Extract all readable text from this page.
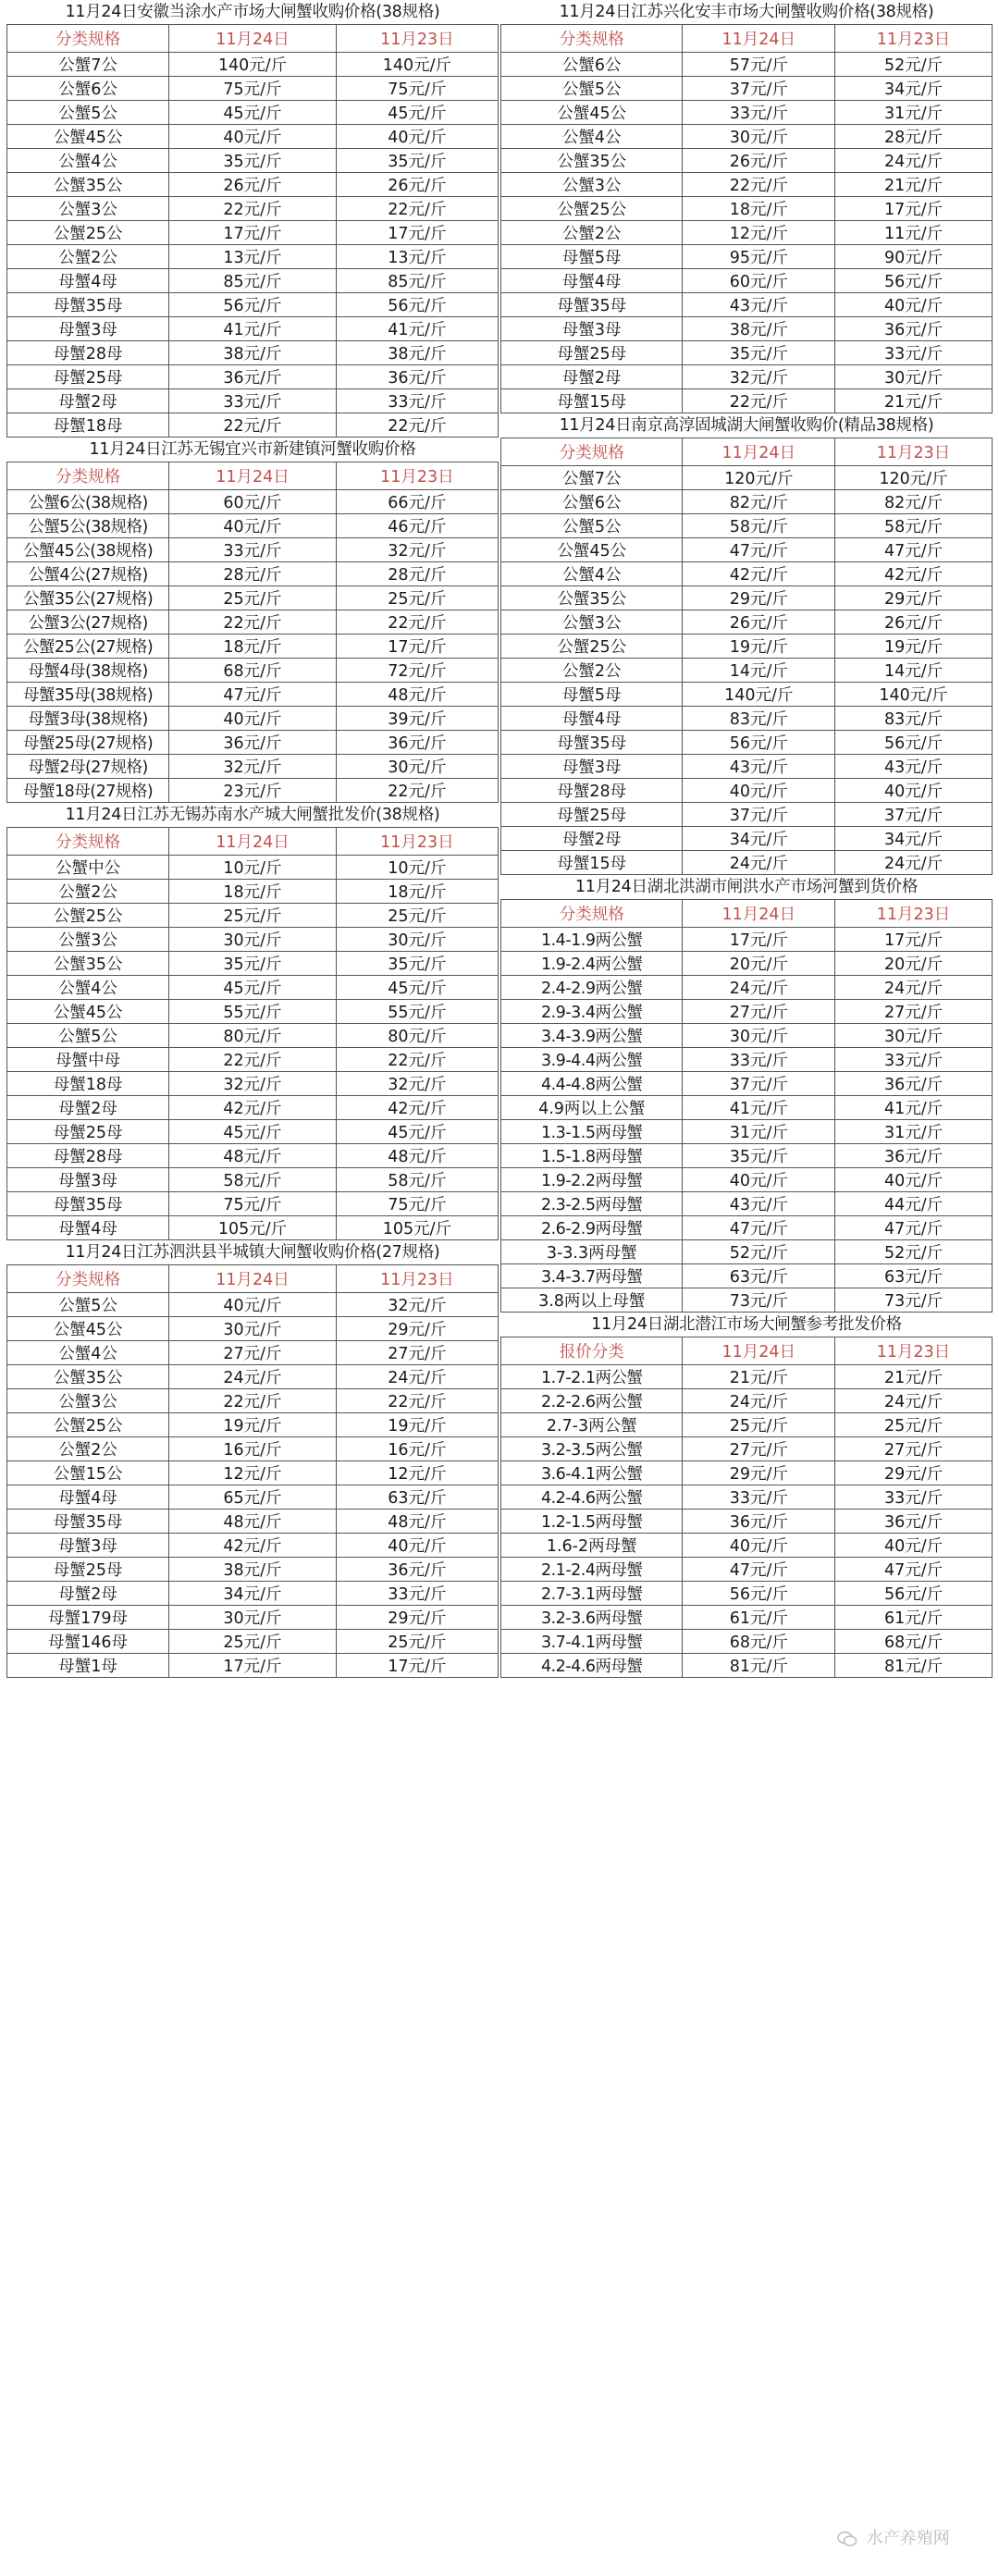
11月24日安徽当涂水产市场大闸蟹收购价格(38规格)
分类规格	11月24日	11月23日
公蟹7公	140元/斤	140元/斤
公蟹6公	75元/斤	75元/斤
公蟹5公	45元/斤	45元/斤
公蟹45公	40元/斤	40元/斤
公蟹4公	35元/斤	35元/斤
公蟹35公	26元/斤	26元/斤
公蟹3公	22元/斤	22元/斤
公蟹25公	17元/斤	17元/斤
公蟹2公	13元/斤	13元/斤
母蟹4母	85元/斤	85元/斤
母蟹35母	56元/斤	56元/斤
母蟹3母	41元/斤	41元/斤
母蟹28母	38元/斤	38元/斤
母蟹25母	36元/斤	36元/斤
母蟹2母	33元/斤	33元/斤
母蟹18母	22元/斤	22元/斤
11月24日江苏无锡宜兴市新建镇河蟹收购价格
分类规格	11月24日	11月23日
公蟹6公(38规格)	60元/斤	66元/斤
公蟹5公(38规格)	40元/斤	46元/斤
公蟹45公(38规格)	33元/斤	32元/斤
公蟹4公(27规格)	28元/斤	28元/斤
公蟹35公(27规格)	25元/斤	25元/斤
公蟹3公(27规格)	22元/斤	22元/斤
公蟹25公(27规格)	18元/斤	17元/斤
母蟹4母(38规格)	68元/斤	72元/斤
母蟹35母(38规格)	47元/斤	48元/斤
母蟹3母(38规格)	40元/斤	39元/斤
母蟹25母(27规格)	36元/斤	36元/斤
母蟹2母(27规格)	32元/斤	30元/斤
母蟹18母(27规格)	23元/斤	22元/斤
11月24日江苏无锡苏南水产城大闸蟹批发价(38规格)
分类规格	11月24日	11月23日
公蟹中公	10元/斤	10元/斤
公蟹2公	18元/斤	18元/斤
公蟹25公	25元/斤	25元/斤
公蟹3公	30元/斤	30元/斤
公蟹35公	35元/斤	35元/斤
公蟹4公	45元/斤	45元/斤
公蟹45公	55元/斤	55元/斤
公蟹5公	80元/斤	80元/斤
母蟹中母	22元/斤	22元/斤
母蟹18母	32元/斤	32元/斤
母蟹2母	42元/斤	42元/斤
母蟹25母	45元/斤	45元/斤
母蟹28母	48元/斤	48元/斤
母蟹3母	58元/斤	58元/斤
母蟹35母	75元/斤	75元/斤
母蟹4母	105元/斤	105元/斤
11月24日江苏泗洪县半城镇大闸蟹收购价格(27规格)
分类规格	11月24日	11月23日
公蟹5公	40元/斤	32元/斤
公蟹45公	30元/斤	29元/斤
公蟹4公	27元/斤	27元/斤
公蟹35公	24元/斤	24元/斤
公蟹3公	22元/斤	22元/斤
公蟹25公	19元/斤	19元/斤
公蟹2公	16元/斤	16元/斤
公蟹15公	12元/斤	12元/斤
母蟹4母	65元/斤	63元/斤
母蟹35母	48元/斤	48元/斤
母蟹3母	42元/斤	40元/斤
母蟹25母	38元/斤	36元/斤
母蟹2母	34元/斤	33元/斤
母蟹179母	30元/斤	29元/斤
母蟹146母	25元/斤	25元/斤
母蟹1母	17元/斤	17元/斤
11月24日江苏兴化安丰市场大闸蟹收购价格(38规格)
分类规格	11月24日	11月23日
公蟹6公	57元/斤	52元/斤
公蟹5公	37元/斤	34元/斤
公蟹45公	33元/斤	31元/斤
公蟹4公	30元/斤	28元/斤
公蟹35公	26元/斤	24元/斤
公蟹3公	22元/斤	21元/斤
公蟹25公	18元/斤	17元/斤
公蟹2公	12元/斤	11元/斤
母蟹5母	95元/斤	90元/斤
母蟹4母	60元/斤	56元/斤
母蟹35母	43元/斤	40元/斤
母蟹3母	38元/斤	36元/斤
母蟹25母	35元/斤	33元/斤
母蟹2母	32元/斤	30元/斤
母蟹15母	22元/斤	21元/斤
11月24日南京高淳固城湖大闸蟹收购价(精品38规格)
分类规格	11月24日	11月23日
公蟹7公	120元/斤	120元/斤
公蟹6公	82元/斤	82元/斤
公蟹5公	58元/斤	58元/斤
公蟹45公	47元/斤	47元/斤
公蟹4公	42元/斤	42元/斤
公蟹35公	29元/斤	29元/斤
公蟹3公	26元/斤	26元/斤
公蟹25公	19元/斤	19元/斤
公蟹2公	14元/斤	14元/斤
母蟹5母	140元/斤	140元/斤
母蟹4母	83元/斤	83元/斤
母蟹35母	56元/斤	56元/斤
母蟹3母	43元/斤	43元/斤
母蟹28母	40元/斤	40元/斤
母蟹25母	37元/斤	37元/斤
母蟹2母	34元/斤	34元/斤
母蟹15母	24元/斤	24元/斤
11月24日湖北洪湖市闸洪水产市场河蟹到货价格
分类规格	11月24日	11月23日
1.4-1.9两公蟹	17元/斤	17元/斤
1.9-2.4两公蟹	20元/斤	20元/斤
2.4-2.9两公蟹	24元/斤	24元/斤
2.9-3.4两公蟹	27元/斤	27元/斤
3.4-3.9两公蟹	30元/斤	30元/斤
3.9-4.4两公蟹	33元/斤	33元/斤
4.4-4.8两公蟹	37元/斤	36元/斤
4.9两以上公蟹	41元/斤	41元/斤
1.3-1.5两母蟹	31元/斤	31元/斤
1.5-1.8两母蟹	35元/斤	36元/斤
1.9-2.2两母蟹	40元/斤	40元/斤
2.3-2.5两母蟹	43元/斤	44元/斤
2.6-2.9两母蟹	47元/斤	47元/斤
3-3.3两母蟹	52元/斤	52元/斤
3.4-3.7两母蟹	63元/斤	63元/斤
3.8两以上母蟹	73元/斤	73元/斤
11月24日湖北潜江市场大闸蟹参考批发价格
报价分类	11月24日	11月23日
1.7-2.1两公蟹	21元/斤	21元/斤
2.2-2.6两公蟹	24元/斤	24元/斤
2.7-3两公蟹	25元/斤	25元/斤
3.2-3.5两公蟹	27元/斤	27元/斤
3.6-4.1两公蟹	29元/斤	29元/斤
4.2-4.6两公蟹	33元/斤	33元/斤
1.2-1.5两母蟹	36元/斤	36元/斤
1.6-2两母蟹	40元/斤	40元/斤
2.1-2.4两母蟹	47元/斤	47元/斤
2.7-3.1两母蟹	56元/斤	56元/斤
3.2-3.6两母蟹	61元/斤	61元/斤
3.7-4.1两母蟹	68元/斤	68元/斤
4.2-4.6两母蟹	81元/斤	81元/斤
水产养殖网
